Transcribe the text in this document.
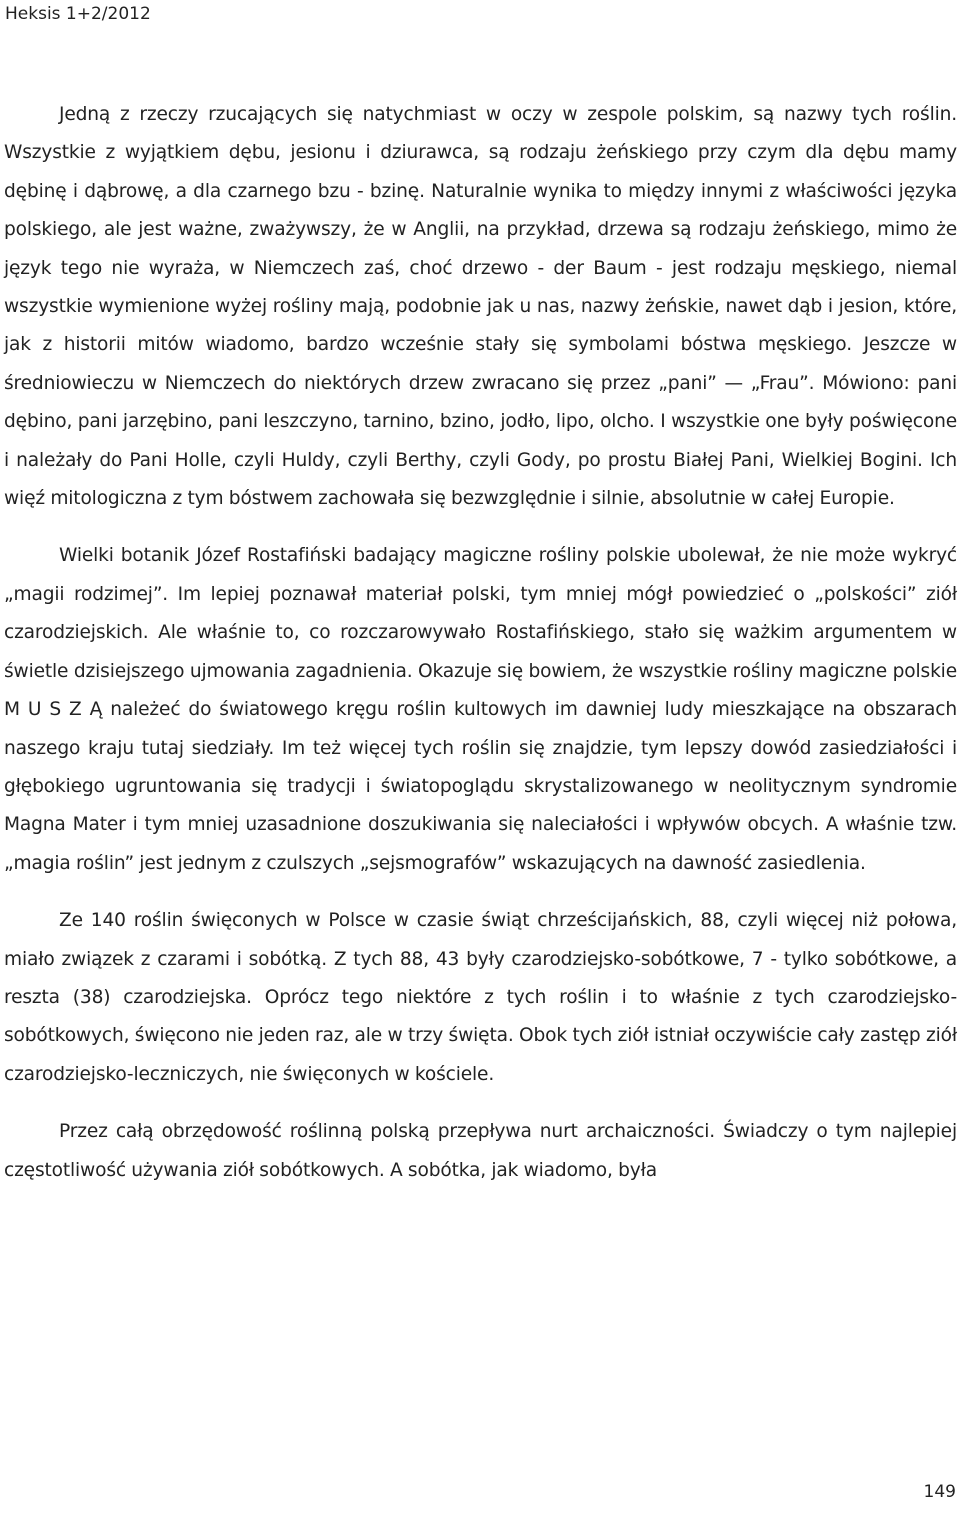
Heksis 1+2/2012

Jedną z rzeczy rzucających się natychmiast w oczy w zespole polskim, są nazwy tych roślin. Wszystkie z wyjątkiem dębu, jesionu i dziurawca, są rodzaju żeńskiego przy czym dla dębu mamy dębinę i dąbrowę, a dla czarnego bzu - bzinę. Naturalnie wynika to między innymi z właściwości języka polskiego, ale jest ważne, zważywszy, że w Anglii, na przykład, drzewa są rodzaju żeńskiego, mimo że język tego nie wyraża, w Niemczech zaś, choć drzewo - der Baum - jest rodzaju męskiego, niemal wszystkie wymienione wyżej rośliny mają, podobnie jak u nas, nazwy żeńskie, nawet dąb i jesion, które, jak z historii mitów wiadomo, bardzo wcześnie stały się symbolami bóstwa męskiego. Jeszcze w średniowieczu w Niemczech do niektórych drzew zwracano się przez „pani” — „Frau”. Mówiono: pani dębino, pani jarzębino, pani leszczyno, tarnino, bzino, jodło, lipo, olcho. I wszystkie one były poświęcone i należały do Pani Holle, czyli Huldy, czyli Berthy, czyli Gody, po prostu Białej Pani, Wielkiej Bogini. Ich więź mitologiczna z tym bóstwem zachowała się bezwzględnie i silnie, absolutnie w całej Europie.

Wielki botanik Józef Rostafiński badający magiczne rośliny polskie ubolewał, że nie może wykryć „magii rodzimej”. Im lepiej poznawał materiał polski, tym mniej mógł powiedzieć o „polskości” ziół czarodziejskich. Ale właśnie to, co rozczarowywało Rostafińskiego, stało się ważkim argumentem w świetle dzisiejszego ujmowania zagadnienia. Okazuje się bowiem, że wszystkie rośliny magiczne polskie M U S Z Ą należeć do światowego kręgu roślin kultowych im dawniej ludy mieszkające na obszarach naszego kraju tutaj siedziały. Im też więcej tych roślin się znajdzie, tym lepszy dowód zasiedziałości i głębokiego ugruntowania się tradycji i światopoglądu skrystalizowanego w neolitycznym syndromie Magna Mater i tym mniej uzasadnione doszukiwania się naleciałości i wpływów obcych. A właśnie tzw. „magia roślin” jest jednym z czulszych „sejsmografów” wskazujących na dawność zasiedlenia.

Ze 140 roślin święconych w Polsce w czasie świąt chrześcijańskich, 88, czyli więcej niż połowa, miało związek z czarami i sobótką. Z tych 88, 43 były czarodziejsko-sobótkowe, 7 - tylko sobótkowe, a reszta (38) czarodziejska. Oprócz tego niektóre z tych roślin i to właśnie z tych czarodziejsko-sobótkowych, święcono nie jeden raz, ale w trzy święta. Obok tych ziół istniał oczywiście cały zastęp ziół czarodziejsko-leczniczych, nie święconych w kościele.

Przez całą obrzędowość roślinną polską przepływa nurt archaiczności. Świadczy o tym najlepiej częstotliwość używania ziół sobótkowych. A sobótka, jak wiadomo, była

149
